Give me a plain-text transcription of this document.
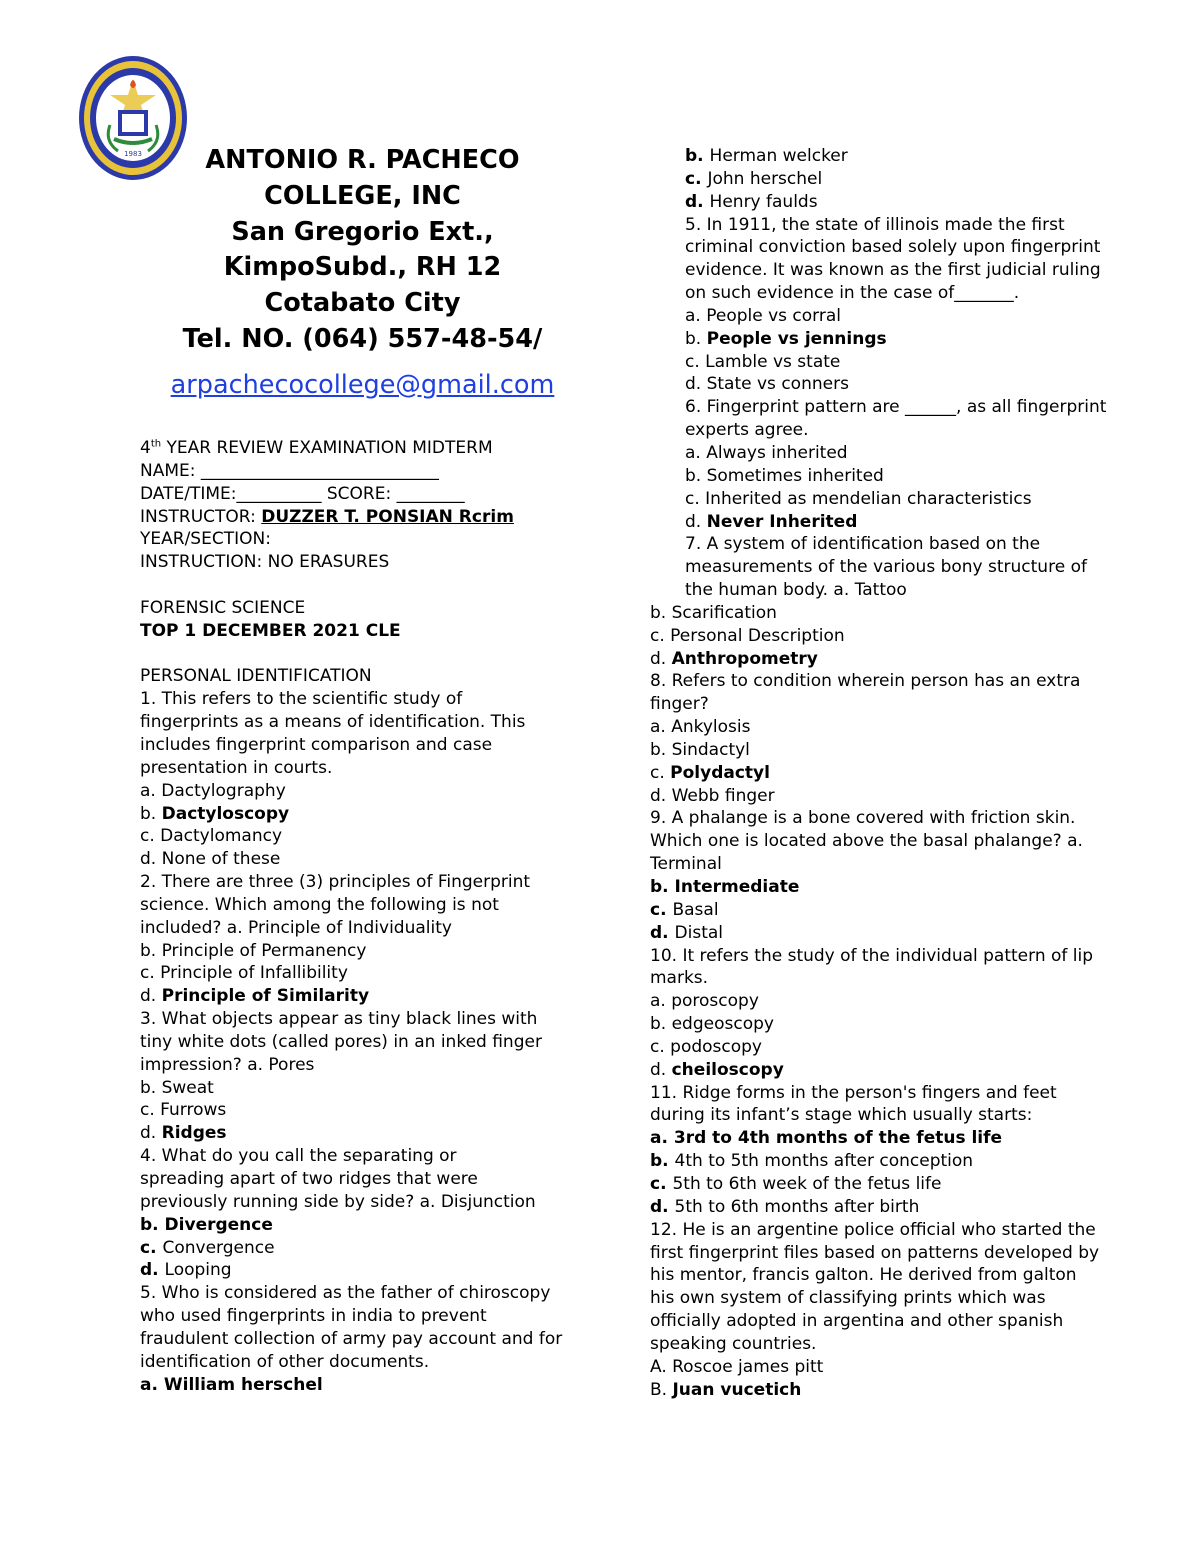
1983	ANTONIO R. PACHECO
COLLEGE, INC
San Gregorio Ext.,
KimpoSubd., RH 12
Cotabato City
Tel. NO. (064) 557-48-54/
arpachecocollege@gmail.com

4th YEAR REVIEW EXAMINATION MIDTERM

NAME: ____________________________

DATE/TIME:__________ SCORE: ________

INSTRUCTOR: DUZZER T. PONSIAN Rcrim

YEAR/SECTION:

INSTRUCTION: NO ERASURES

FORENSIC SCIENCE

TOP 1 DECEMBER 2021 CLE

PERSONAL IDENTIFICATION

1. This refers to the scientific study of

fingerprints as a means of identification. This

includes fingerprint comparison and case

presentation in courts.

a. Dactylography

b. Dactyloscopy

c. Dactylomancy

d. None of these

2. There are three (3) principles of Fingerprint

science. Which among the following is not

included? a. Principle of Individuality

b. Principle of Permanency

c. Principle of Infallibility

d. Principle of Similarity

3. What objects appear as tiny black lines with

tiny white dots (called pores) in an inked finger

impression? a. Pores

b. Sweat

c. Furrows

d. Ridges

4. What do you call the separating or

spreading apart of two ridges that were

previously running side by side? a. Disjunction

b. Divergence

c. Convergence

d. Looping

5. Who is considered as the father of chiroscopy

who used fingerprints in india to prevent

fraudulent collection of army pay account and for

identification of other documents.

a. William herschel

b. Herman welcker

c. John herschel

d. Henry faulds

5. In 1911, the state of illinois made the first

criminal conviction based solely upon fingerprint

evidence. It was known as the first judicial ruling

on such evidence in the case of_______.

a. People vs corral

b. People vs jennings

c. Lamble vs state

d. State vs conners

6. Fingerprint pattern are ______, as all fingerprint

experts agree.

a. Always inherited

b. Sometimes inherited

c. Inherited as mendelian characteristics

d. Never Inherited

7. A system of identification based on the

measurements of the various bony structure of

the human body. a. Tattoo

b. Scarification

c. Personal Description

d. Anthropometry

8. Refers to condition wherein person has an extra

finger?

a. Ankylosis

b. Sindactyl

c. Polydactyl

d. Webb finger

9. A phalange is a bone covered with friction skin.

Which one is located above the basal phalange? a.

Terminal

b. Intermediate

c. Basal

d. Distal

10. It refers the study of the individual pattern of lip

marks.

a. poroscopy

b. edgeoscopy

c. podoscopy

d. cheiloscopy

11. Ridge forms in the person's fingers and feet

during its infant’s stage which usually starts:

a. 3rd to 4th months of the fetus life

b. 4th to 5th months after conception

c. 5th to 6th week of the fetus life

d. 5th to 6th months after birth

12. He is an argentine police official who started the

first fingerprint files based on patterns developed by

his mentor, francis galton. He derived from galton

his own system of classifying prints which was

officially adopted in argentina and other spanish

speaking countries.

A. Roscoe james pitt

B. Juan vucetich
